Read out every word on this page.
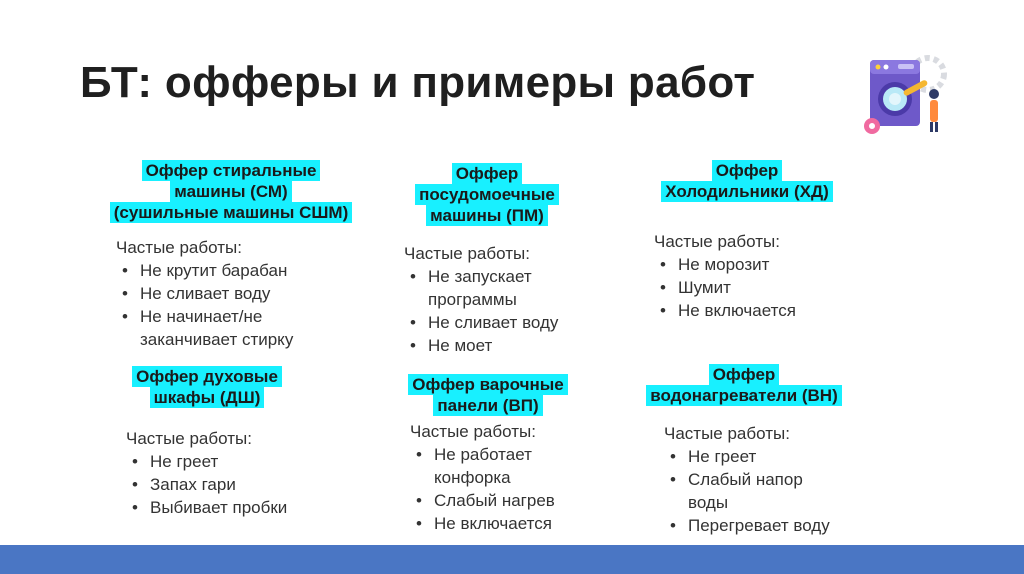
БТ: офферы и примеры работ
Оффер стиральные
машины (СМ)
(сушильные машины СШМ)
Частые работы:
• Не крутит барабан
• Не сливает воду
• Не начинает/не
заканчивает стирку
Оффер
посудомоечные
машины (ПМ)
Частые работы:
• Не запускает
программы
• Не сливает воду
• Не моет
Оффер
Холодильники (ХД)
Частые работы:
• Не морозит
• Шумит
• Не включается
Оффер духовые
шкафы (ДШ)
Частые работы:
• Не греет
• Запах гари
• Выбивает пробки
Оффер варочные
панели (ВП)
Частые работы:
• Не работает
конфорка
• Слабый нагрев
• Не включается
Оффер
водонагреватели (ВН)
Частые работы:
• Не греет
• Слабый напор
воды
• Перегревает воду
